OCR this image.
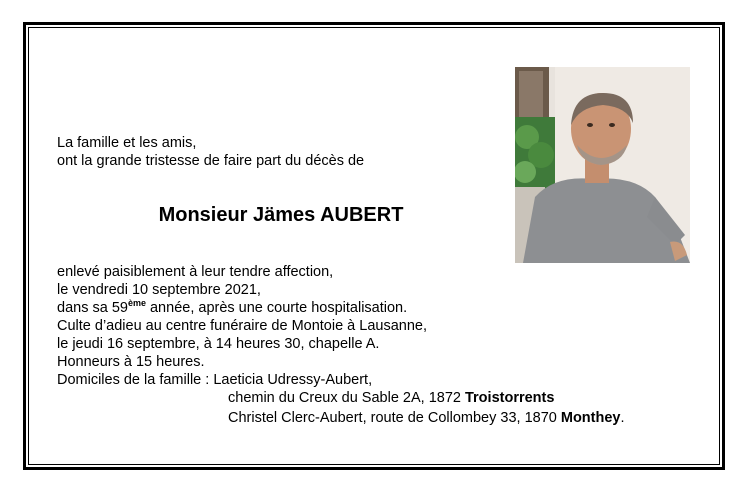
La famille et les amis,
ont la grande tristesse de faire part du décès de
Monsieur Jämes AUBERT
enlevé paisiblement à leur tendre affection,
le vendredi 10 septembre 2021,
dans sa 59ème année, après une courte hospitalisation.
Culte d’adieu au centre funéraire de Montoie à Lausanne,
le jeudi 16 septembre, à 14 heures 30, chapelle A.
Honneurs à 15 heures.
Domiciles de la famille : Laeticia Udressy-Aubert,
chemin du Creux du Sable 2A, 1872 Troistorrents
Christel Clerc-Aubert, route de Collombey 33, 1870 Monthey.
